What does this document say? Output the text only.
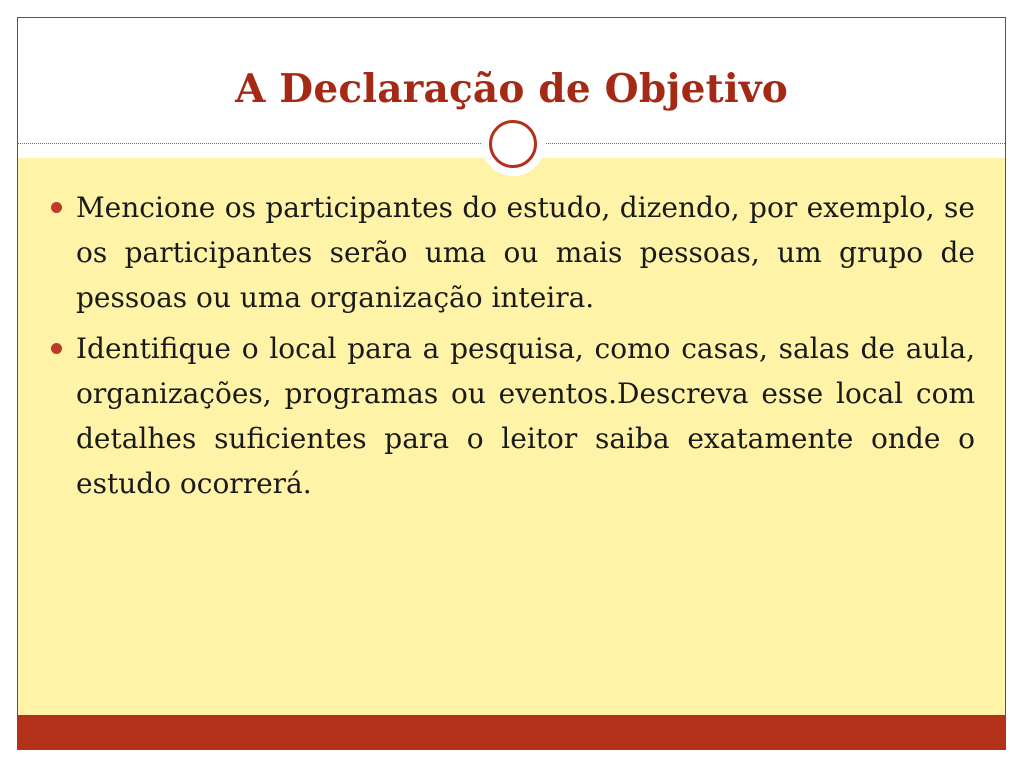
A Declaração de Objetivo
Mencione os participantes do estudo, dizendo, por exemplo, se os participantes serão uma ou mais pessoas, um grupo de pessoas ou uma organização inteira.
Identifique o local para a pesquisa, como casas, salas de aula, organizações, programas ou eventos.Descreva esse local com detalhes suficientes para o leitor saiba exatamente onde o estudo ocorrerá.
